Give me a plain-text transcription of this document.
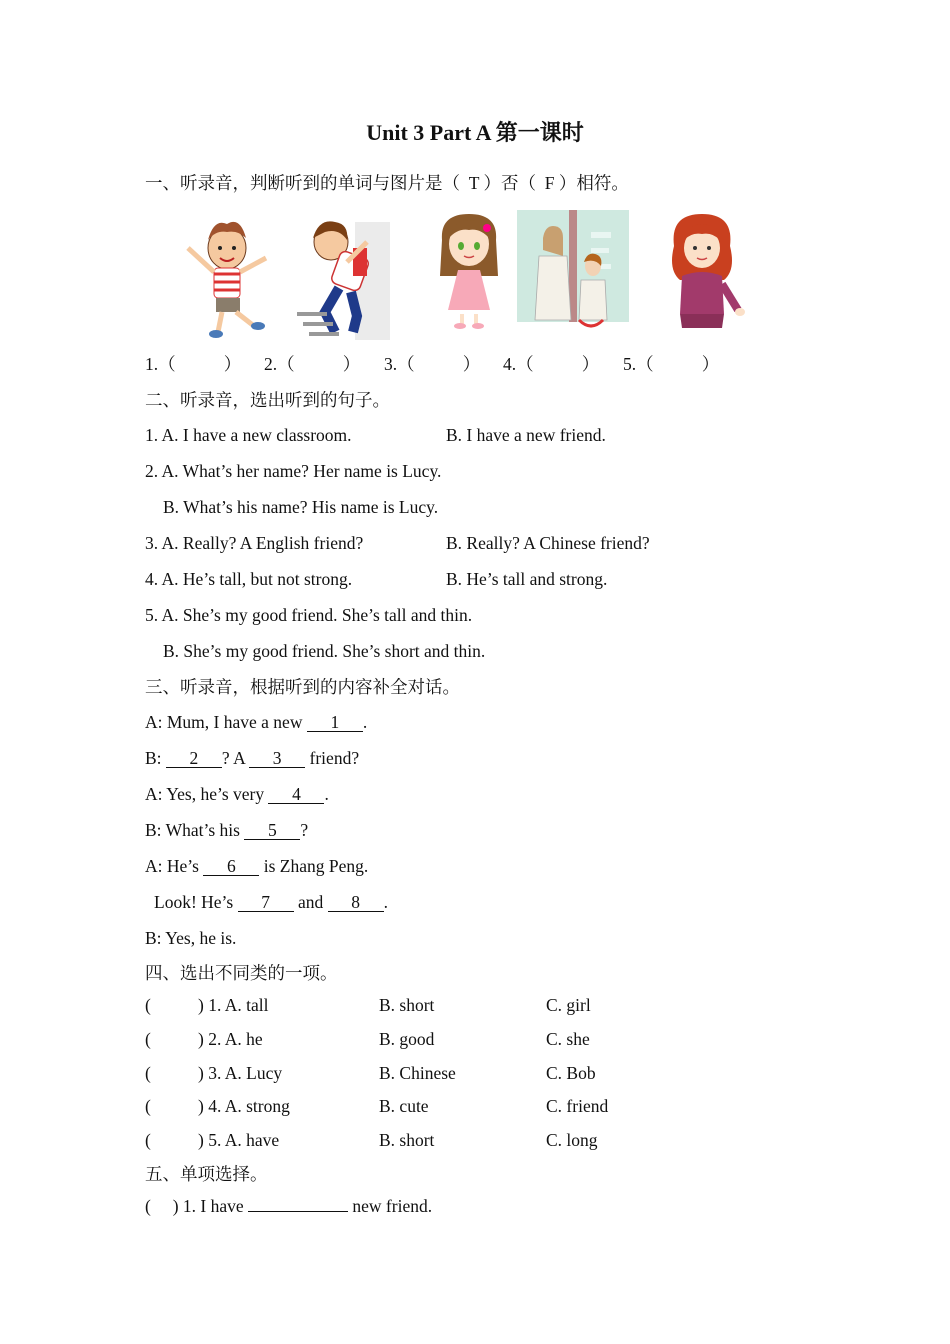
Unit 3 Part A 第一课时
一、听录音，判断听到的单词与图片是（  T ）否（  F ）相符。
1.（           ） 2.（           ） 3.（           ） 4.（           ） 5.（           ）
二、听录音，选出听到的句子。
1. A. I have a new classroom.	B. I have a new friend.
2. A. What’s her name? Her name is Lucy.
B. What’s his name? His name is Lucy.
3. A. Really? A English friend?	B. Really? A Chinese friend?
4. A. He’s tall, but not strong.	B. He’s tall and strong.
5. A. She’s my good friend. She’s tall and thin.
B. She’s my good friend. She’s short and thin.
三、听录音，根据听到的内容补全对话。
A: Mum, I have a new 1 .
B: 2 ? A 3 friend?
A: Yes, he’s very 4 .
B: What’s his 5 ?
A: He’s 6 is Zhang Peng.
Look! He’s 7 and 8 .
B: Yes, he is.
四、选出不同类的一项。
(	) 1. A. tall	B. short	C. girl
(	) 2. A. he	B. good	C. she
(	) 3. A. Lucy	B. Chinese	C. Bob
(	) 4. A. strong	B. cute	C. friend
(	) 5. A. have	B. short	C. long
五、单项选择。
(     ) 1. I have	new friend.
